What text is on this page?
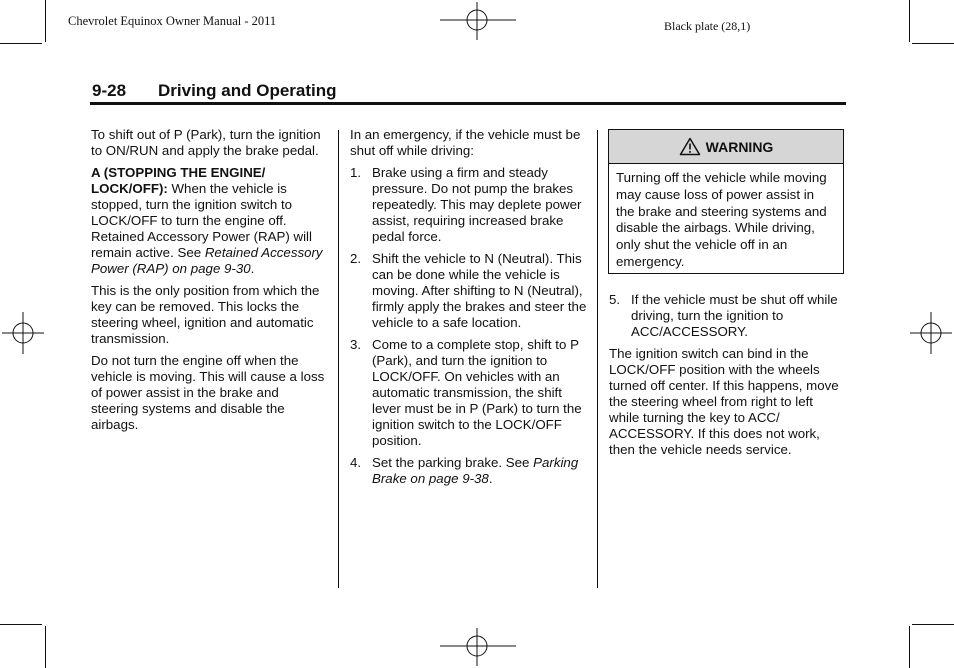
Chevrolet Equinox Owner Manual - 2011	Black plate (28,1)
9-28 Driving and Operating

To shift out of P (Park), turn the ignition to ON/RUN and apply the brake pedal.

A (STOPPING THE ENGINE/ LOCK/OFF): When the vehicle is stopped, turn the ignition switch to LOCK/OFF to turn the engine off. Retained Accessory Power (RAP) will remain active. See Retained Accessory Power (RAP) on page 9-30.

This is the only position from which the key can be removed. This locks the steering wheel, ignition and automatic transmission.

Do not turn the engine off when the vehicle is moving. This will cause a loss of power assist in the brake and steering systems and disable the airbags.

In an emergency, if the vehicle must be shut off while driving:

1. Brake using a firm and steady pressure. Do not pump the brakes repeatedly. This may deplete power assist, requiring increased brake pedal force.
2. Shift the vehicle to N (Neutral). This can be done while the vehicle is moving. After shifting to N (Neutral), firmly apply the brakes and steer the vehicle to a safe location.
3. Come to a complete stop, shift to P (Park), and turn the ignition to LOCK/OFF. On vehicles with an automatic transmission, the shift lever must be in P (Park) to turn the ignition switch to the LOCK/OFF position.
4. Set the parking brake. See Parking Brake on page 9-38.
WARNING
Turning off the vehicle while moving may cause loss of power assist in the brake and steering systems and disable the airbags. While driving, only shut the vehicle off in an emergency.
5. If the vehicle must be shut off while driving, turn the ignition to ACC/ACCESSORY.

The ignition switch can bind in the LOCK/OFF position with the wheels turned off center. If this happens, move the steering wheel from right to left while turning the key to ACC/ ACCESSORY. If this does not work, then the vehicle needs service.
